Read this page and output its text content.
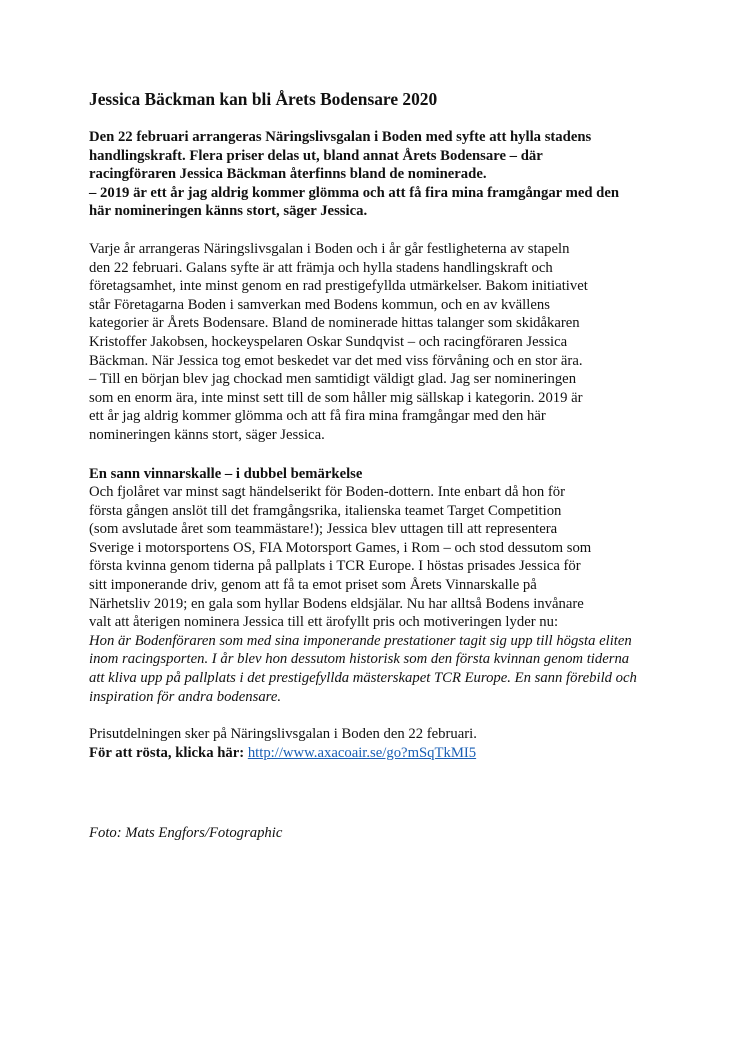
Jessica Bäckman kan bli Årets Bodensare 2020
Den 22 februari arrangeras Näringslivsgalan i Boden med syfte att hylla stadens
handlingskraft. Flera priser delas ut, bland annat Årets Bodensare – där
racingföraren Jessica Bäckman återfinns bland de nominerade.
– 2019 är ett år jag aldrig kommer glömma och att få fira mina framgångar med den
här nomineringen känns stort, säger Jessica.
Varje år arrangeras Näringslivsgalan i Boden och i år går festligheterna av stapeln
den 22 februari. Galans syfte är att främja och hylla stadens handlingskraft och
företagsamhet, inte minst genom en rad prestigefyllda utmärkelser. Bakom initiativet
står Företagarna Boden i samverkan med Bodens kommun, och en av kvällens
kategorier är Årets Bodensare. Bland de nominerade hittas talanger som skidåkaren
Kristoffer Jakobsen, hockeyspelaren Oskar Sundqvist – och racingföraren Jessica
Bäckman. När Jessica tog emot beskedet var det med viss förvåning och en stor ära.
– Till en början blev jag chockad men samtidigt väldigt glad. Jag ser nomineringen
som en enorm ära, inte minst sett till de som håller mig sällskap i kategorin. 2019 är
ett år jag aldrig kommer glömma och att få fira mina framgångar med den här
nomineringen känns stort, säger Jessica.
En sann vinnarskalle – i dubbel bemärkelse
Och fjolåret var minst sagt händelserikt för Boden-dottern. Inte enbart då hon för
första gången anslöt till det framgångsrika, italienska teamet Target Competition
(som avslutade året som teammästare!); Jessica blev uttagen till att representera
Sverige i motorsportens OS, FIA Motorsport Games, i Rom – och stod dessutom som
första kvinna genom tiderna på pallplats i TCR Europe. I höstas prisades Jessica för
sitt imponerande driv, genom att få ta emot priset som Årets Vinnarskalle på
Närhetsliv 2019; en gala som hyllar Bodens eldsjälar. Nu har alltså Bodens invånare
valt att återigen nominera Jessica till ett ärofyllt pris och motiveringen lyder nu:
Hon är Bodenföraren som med sina imponerande prestationer tagit sig upp till högsta eliten
inom racingsporten. I år blev hon dessutom historisk som den första kvinnan genom tiderna
att kliva upp på pallplats i det prestigefyllda mästerskapet TCR Europe. En sann förebild och
inspiration för andra bodensare.
Prisutdelningen sker på Näringslivsgalan i Boden den 22 februari.
För att rösta, klicka här: http://www.axacoair.se/go?mSqTkMI5
Foto: Mats Engfors/Fotographic
